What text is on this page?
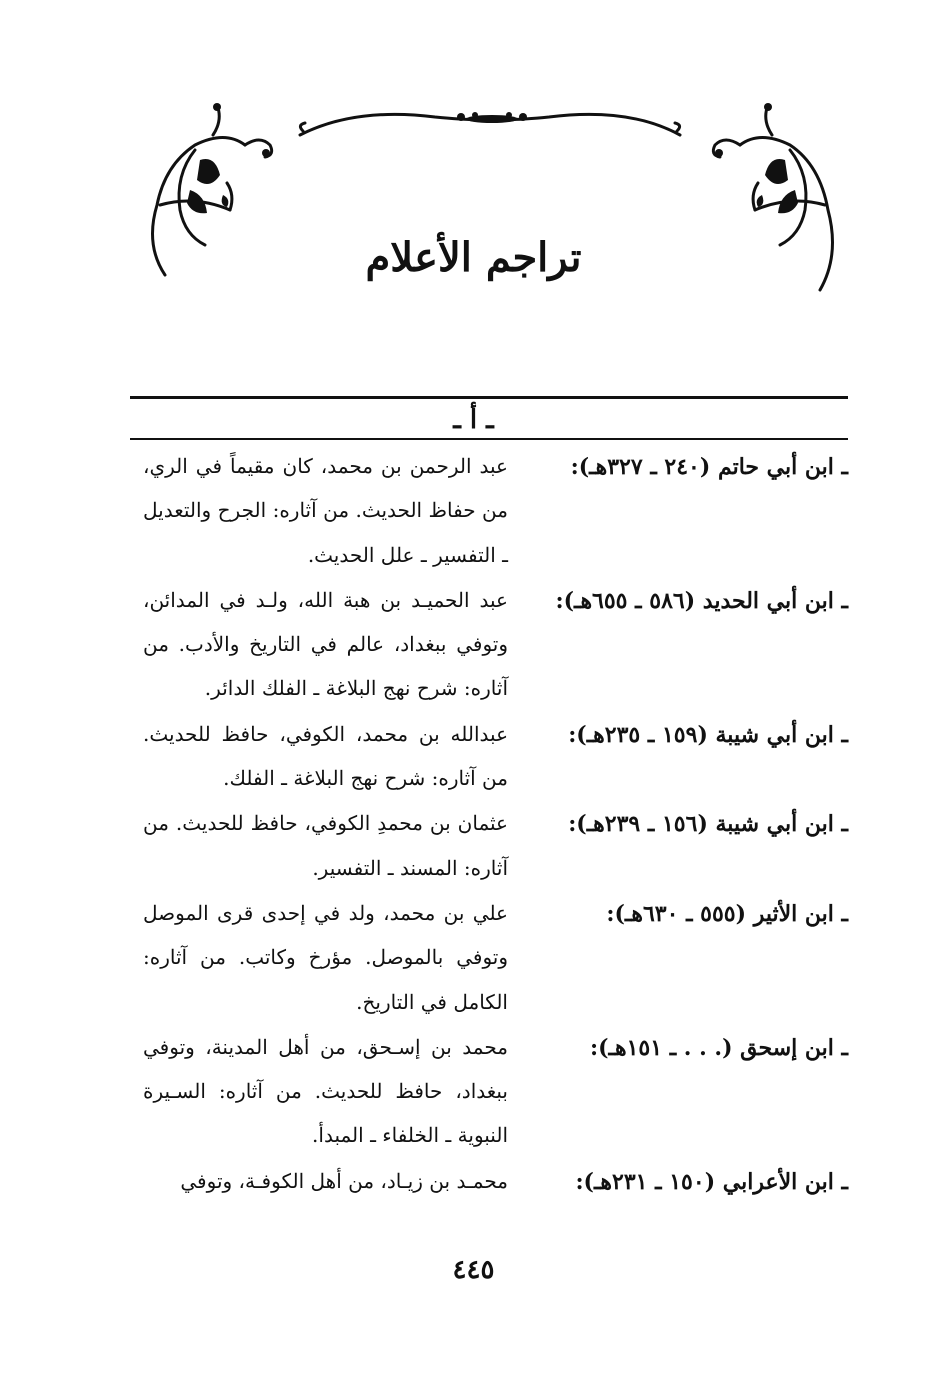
تراجم الأعلام
ـ أ ـ
ـ ابن أبي حاتم (٢٤٠ ـ ٣٢٧هـ):
عبد الرحمن بن محمد، كان مقيماً في الري، من حفاظ الحديث. من آثاره: الجرح والتعديل ـ التفسير ـ علل الحديث.
ـ ابن أبي الحديد (٥٨٦ ـ ٦٥٥هـ):
عبد الحميـد بن هبة الله، ولـد في المدائن، وتوفي ببغداد، عالم في التاريخ والأدب. من آثاره: شرح نهج البلاغة ـ الفلك الدائر.
ـ ابن أبي شيبة (١٥٩ ـ ٢٣٥هـ):
عبدالله بن محمد، الكوفي، حافظ للحديث. من آثاره: شرح نهج البلاغة ـ الفلك.
ـ ابن أبي شيبة (١٥٦ ـ ٢٣٩هـ):
عثمان بن محمدِ الكوفي، حافظ للحديث. من آثاره: المسند ـ التفسير.
ـ ابن الأثير (٥٥٥ ـ ٦٣٠هـ):
علي بن محمد، ولد في إحدى قرى الموصل وتوفي بالموصل. مؤرخ وكاتب. من آثاره: الكامل في التاريخ.
ـ ابن إسحق (. . . ـ ١٥١هـ):
محمد بن إسـحق، من أهل المدينة، وتوفي ببغداد، حافظ للحديث. من آثاره: السـيرة النبوية ـ الخلفاء ـ المبدأ.
ـ ابن الأعرابي (١٥٠ ـ ٢٣١هـ):
محمـد بن زيـاد، من أهل الكوفـة، وتوفي
٤٤٥
